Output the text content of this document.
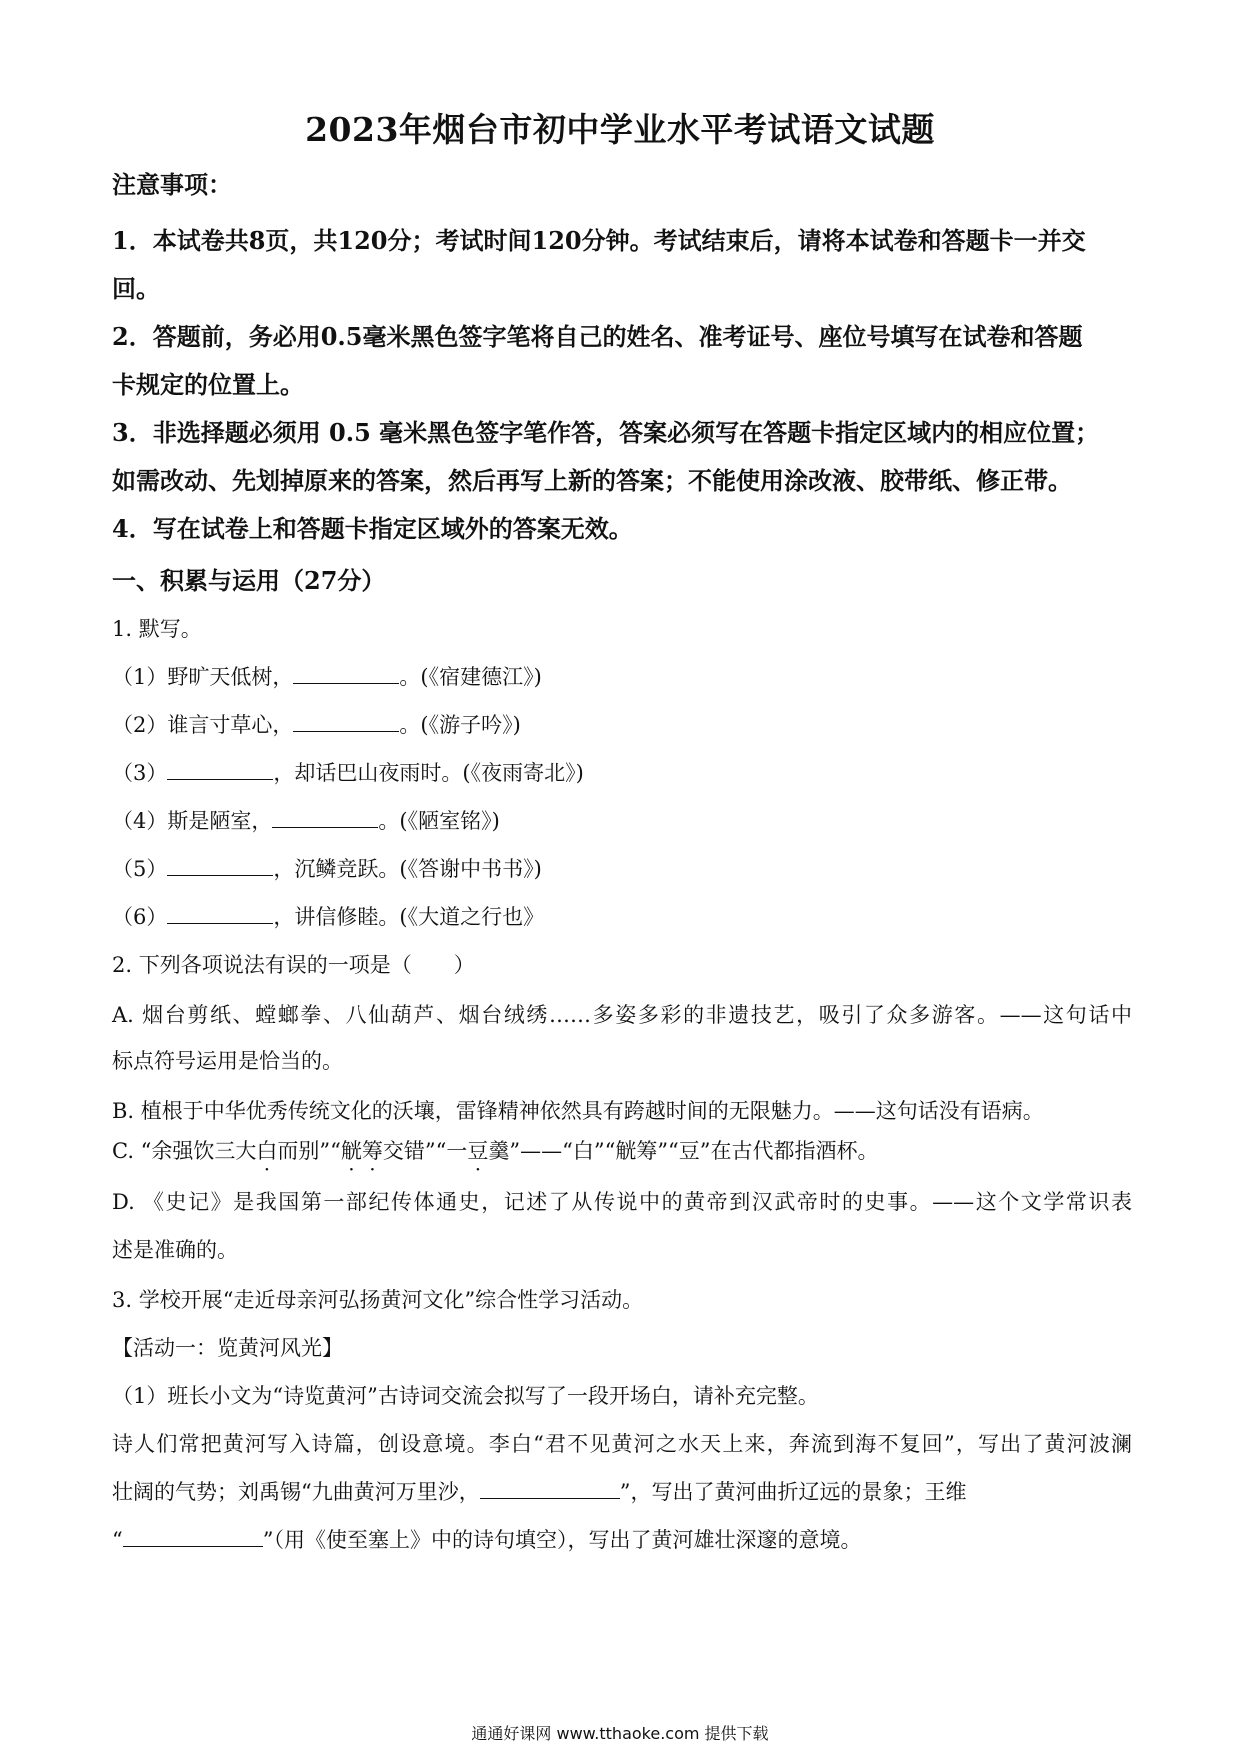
2023年烟台市初中学业水平考试语文试题
注意事项：
1．本试卷共8页，共120分；考试时间120分钟。考试结束后，请将本试卷和答题卡一并交
回。
2．答题前，务必用0.5毫米黑色签字笔将自己的姓名、准考证号、座位号填写在试卷和答题
卡规定的位置上。
3．非选择题必须用 0.5 毫米黑色签字笔作答，答案必须写在答题卡指定区域内的相应位置；
如需改动、先划掉原来的答案，然后再写上新的答案；不能使用涂改液、胶带纸、修正带。
4．写在试卷上和答题卡指定区域外的答案无效。
一、积累与运用（27分）
1. 默写。
（1）野旷天低树，	。(《宿建德江》)
（2）谁言寸草心，	。(《游子吟》)
（3）	，却话巴山夜雨时。(《夜雨寄北》)
（4）斯是陋室，	。(《陋室铭》)
（5）	，沉鳞竞跃。(《答谢中书书》)
（6）	，讲信修睦。(《大道之行也》
2. 下列各项说法有误的一项是（　　）
A. 烟台剪纸、螳螂拳、八仙葫芦、烟台绒绣……多姿多彩的非遗技艺，吸引了众多游客。——这句话中
标点符号运用是恰当的。
B. 植根于中华优秀传统文化的沃壤，雷锋精神依然具有跨越时间的无限魅力。——这句话没有语病。
C. “余强饮三大白而别”“觥筹交错”“一豆羹”——“白”“觥筹”“豆”在古代都指酒杯。
D. 《史记》是我国第一部纪传体通史，记述了从传说中的黄帝到汉武帝时的史事。——这个文学常识表
述是准确的。
3. 学校开展“走近母亲河弘扬黄河文化”综合性学习活动。
【活动一：览黄河风光】
（1）班长小文为“诗览黄河”古诗词交流会拟写了一段开场白，请补充完整。
诗人们常把黄河写入诗篇，创设意境。李白“君不见黄河之水天上来，奔流到海不复回”，写出了黄河波澜
壮阔的气势；刘禹锡“九曲黄河万里沙，	”，写出了黄河曲折辽远的景象；王维
“	”（用《使至塞上》中的诗句填空），写出了黄河雄壮深邃的意境。
通通好课网 www.tthaoke.com 提供下载
